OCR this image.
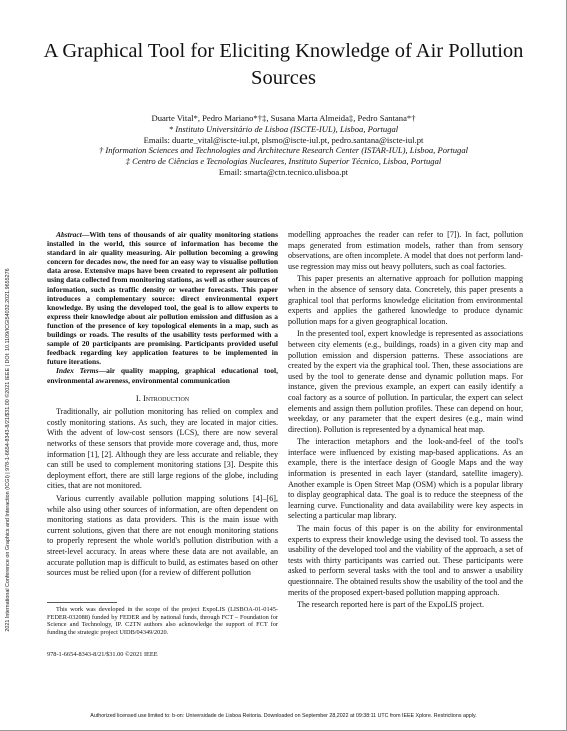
2021 International Conference on Graphics and Interaction (ICGI) | 978-1-6654-8343-8/21/$31.00 ©2021 IEEE | DOI: 10.1109/ICGI54032.2021.9655276
A Graphical Tool for Eliciting Knowledge of Air Pollution Sources
Duarte Vital*, Pedro Mariano*†‡, Susana Marta Almeida‡, Pedro Santana*†
* Instituto Universitário de Lisboa (ISCTE-IUL), Lisboa, Portugal
Emails: duarte_vital@iscte-iul.pt, plsmo@iscte-iul.pt, pedro.santana@iscte-iul.pt
† Information Sciences and Technologies and Architecture Research Center (ISTAR-IUL), Lisboa, Portugal
‡ Centro de Ciências e Tecnologias Nucleares, Instituto Superior Técnico, Lisboa, Portugal
Email: smarta@ctn.tecnico.ulisboa.pt

Abstract—With tens of thousands of air quality monitoring stations installed in the world, this source of information has become the standard in air quality measuring. Air pollution becoming a growing concern for decades now, the need for an easy way to visualise pollution data arose. Extensive maps have been created to represent air pollution using data collected from monitoring stations, as well as other sources of information, such as traffic density or weather forecasts. This paper introduces a complementary source: direct environmental expert knowledge. By using the developed tool, the goal is to allow experts to express their knowledge about air pollution emission and diffusion as a function of the presence of key topological elements in a map, such as buildings or roads. The results of the usability tests performed with a sample of 20 participants are promising. Participants provided useful feedback regarding key application features to be implemented in future iterations.

Index Terms—air quality mapping, graphical educational tool, environmental awareness, environmental communication

I. Introduction

Traditionally, air pollution monitoring has relied on complex and costly monitoring stations. As such, they are located in major cities. With the advent of low-cost sensors (LCS), there are now several networks of these sensors that provide more coverage and, thus, more information [1], [2]. Although they are less accurate and reliable, they can still be used to complement monitoring stations [3]. Despite this deployment effort, there are still large regions of the globe, including cities, that are not monitored.

Various currently available pollution mapping solutions [4]–[6], while also using other sources of information, are often dependent on monitoring stations as data providers. This is the main issue with current solutions, given that there are not enough monitoring stations to properly represent the whole world's pollution distribution with a street-level accuracy. In areas where these data are not available, an accurate pollution map is difficult to build, as estimates based on other sources must be relied upon (for a review of different pollution

This work was developed in the scope of the project ExpoLIS (LISBOA-01-0145-FEDER-032088) funded by FEDER and by national funds, through FCT – Foundation for Science and Technology, IP. C2TN authors also acknowledge the support of FCT for funding the strategic project UIDB/04349/2020.

978-1-6654-8343-8/21/$31.00 ©2021 IEEE

modelling approaches the reader can refer to [7]). In fact, pollution maps generated from estimation models, rather than from sensory observations, are often incomplete. A model that does not perform land-use regression may miss out heavy polluters, such as coal factories.

This paper presents an alternative approach for pollution mapping when in the absence of sensory data. Concretely, this paper presents a graphical tool that performs knowledge elicitation from environmental experts and applies the gathered knowledge to produce dynamic pollution maps for a given geographical location.

In the presented tool, expert knowledge is represented as associations between city elements (e.g., buildings, roads) in a given city map and pollution emission and dispersion patterns. These associations are created by the expert via the graphical tool. Then, these associations are used by the tool to generate dense and dynamic pollution maps. For instance, given the previous example, an expert can easily identify a coal factory as a source of pollution. In particular, the expert can select elements and assign them pollution profiles. These can depend on hour, weekday, or any parameter that the expert desires (e.g., main wind direction). Pollution is represented by a dynamical heat map.

The interaction metaphors and the look-and-feel of the tool's interface were influenced by existing map-based applications. As an example, there is the interface design of Google Maps and the way information is presented in each layer (standard, satellite imagery). Another example is Open Street Map (OSM) which is a popular library to display geographical data. The goal is to reduce the steepness of the learning curve. Functionality and data availability were key aspects in selecting a particular map library.

The main focus of this paper is on the ability for environmental experts to express their knowledge using the devised tool. To assess the usability of the developed tool and the viability of the approach, a set of tests with thirty participants was carried out. These participants were asked to perform several tasks with the tool and to answer a usability questionnaire. The obtained results show the usability of the tool and the merits of the proposed expert-based pollution mapping approach.

The research reported here is part of the ExpoLIS project.

Authorized licensed use limited to: b-on: Universidade de Lisboa Reitoria. Downloaded on September 28,2022 at 09:38:11 UTC from IEEE Xplore. Restrictions apply.
